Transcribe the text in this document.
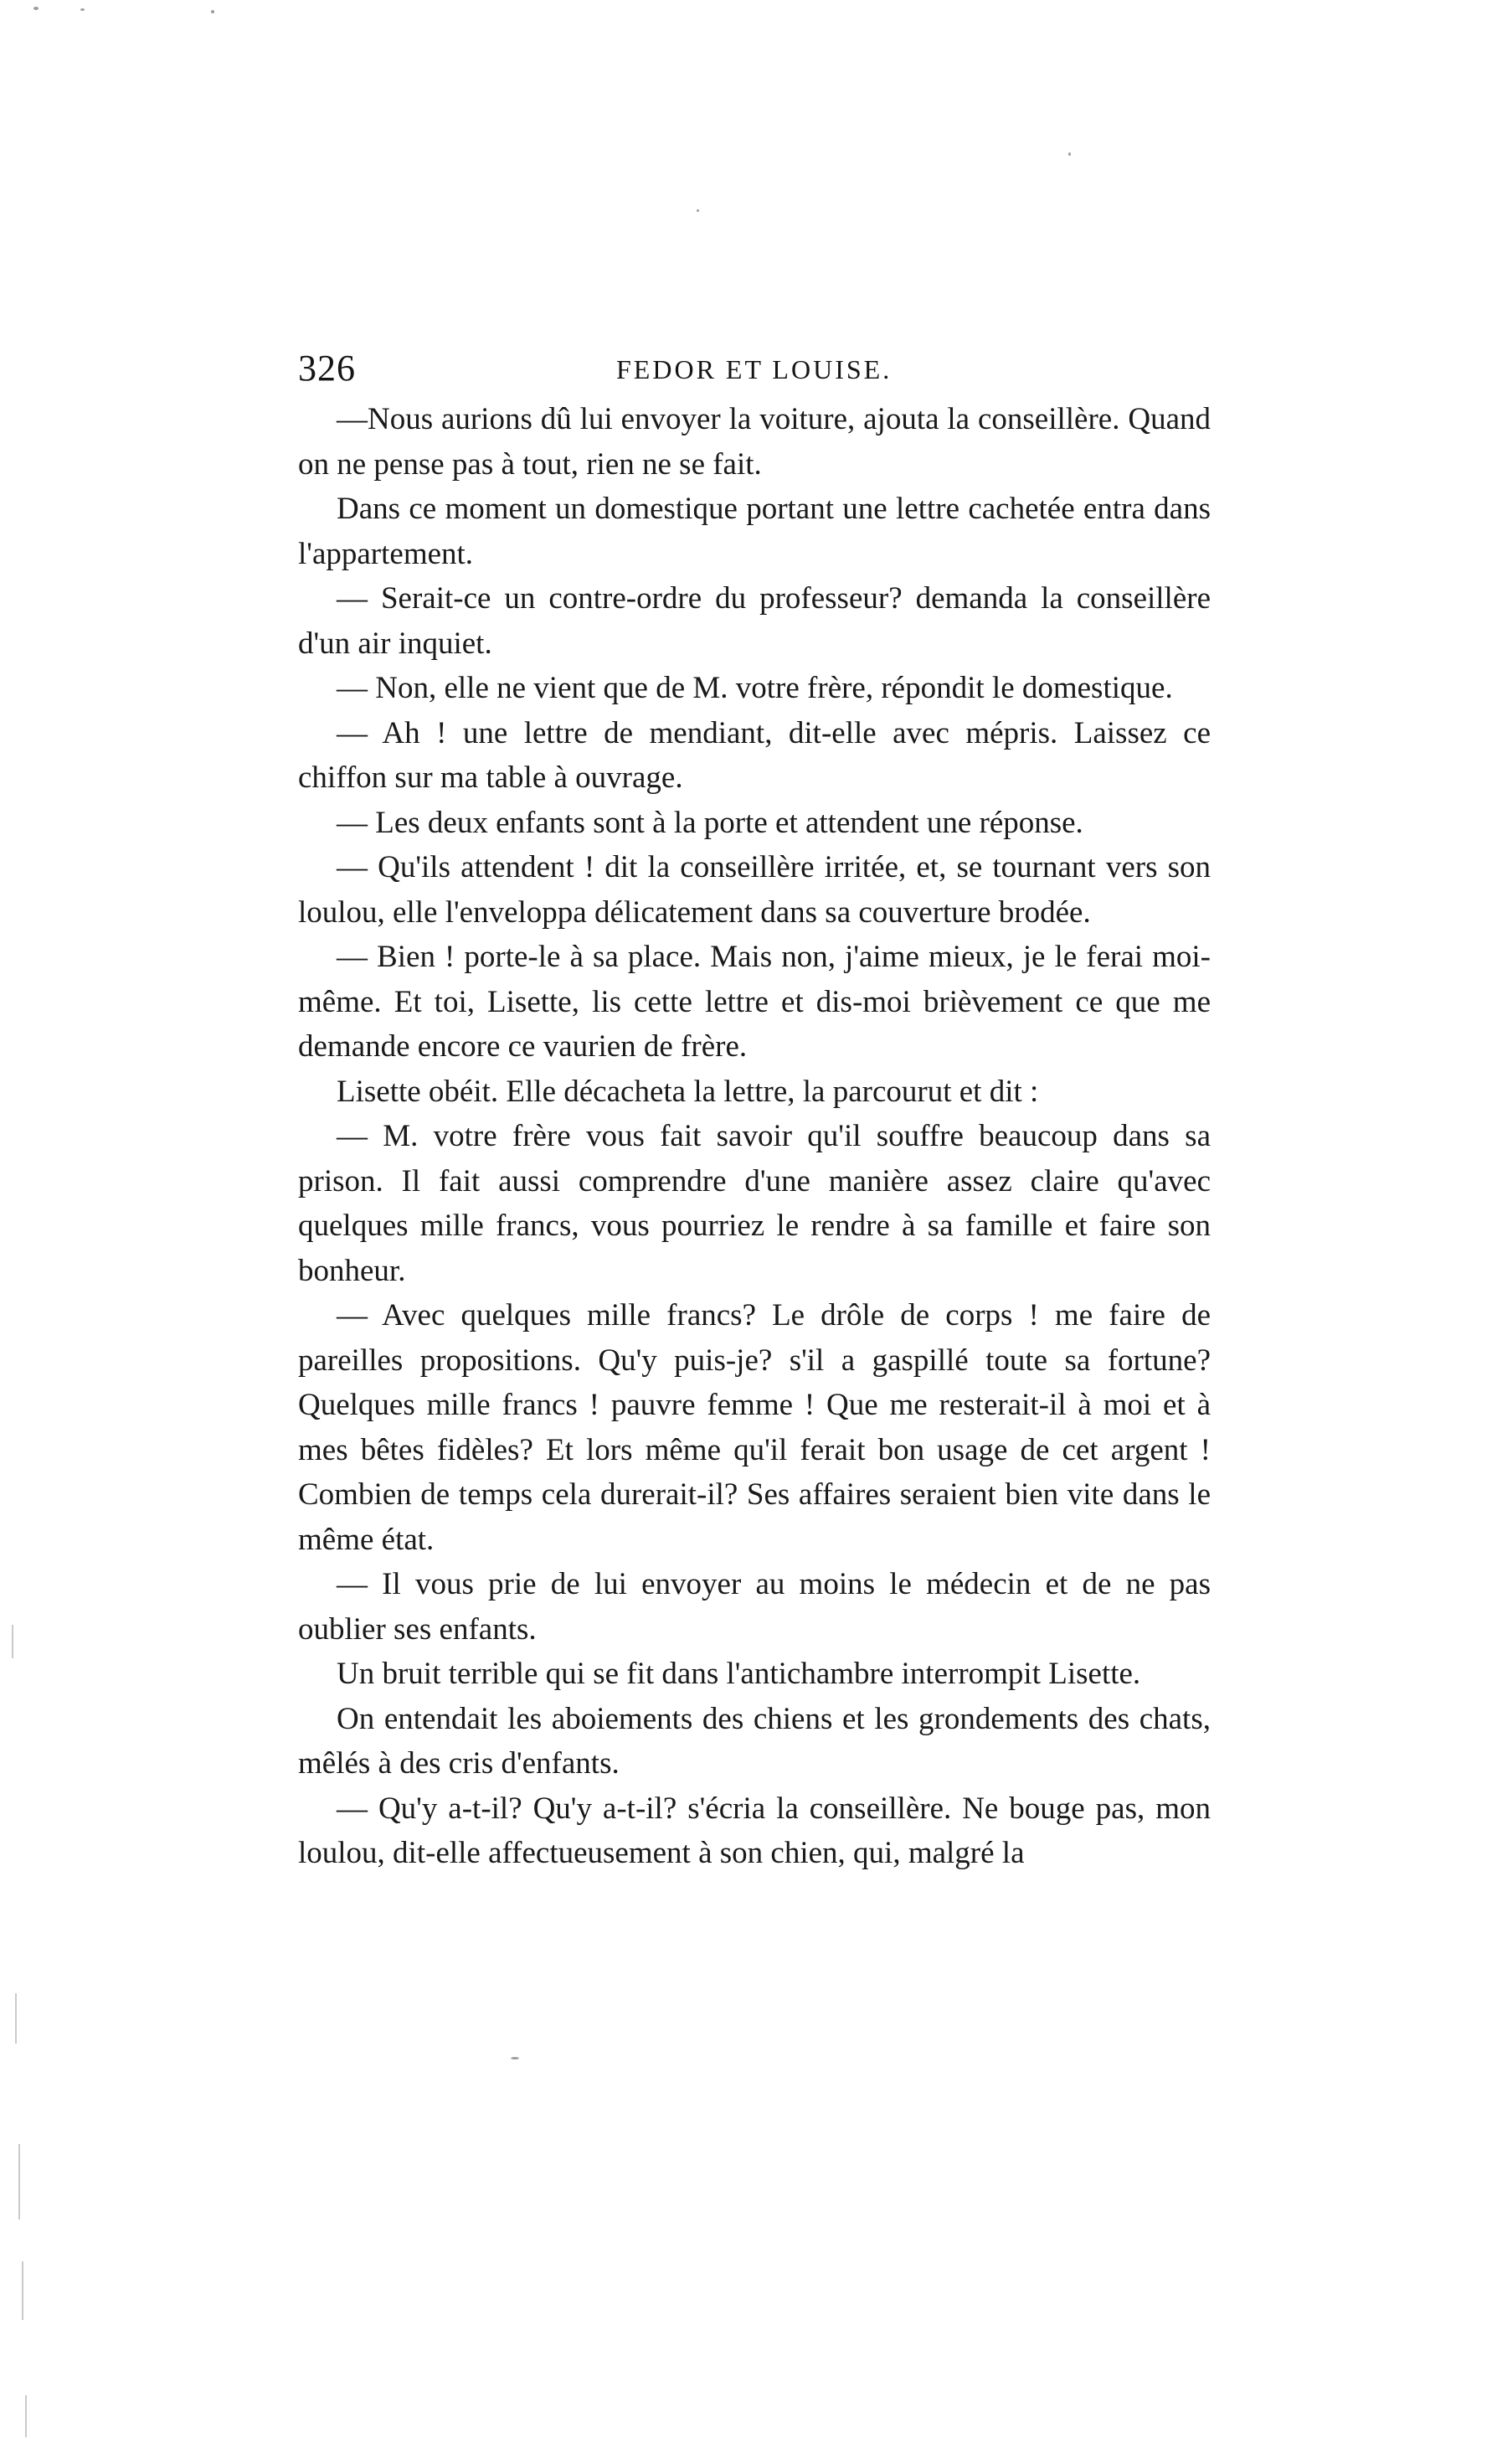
326	FEDOR ET LOUISE.

—Nous aurions dû lui envoyer la voiture, ajouta la conseillère. Quand on ne pense pas à tout, rien ne se fait.

Dans ce moment un domestique portant une lettre cachetée entra dans l'appartement.

— Serait-ce un contre-ordre du professeur? demanda la conseillère d'un air inquiet.

— Non, elle ne vient que de M. votre frère, répondit le domestique.

— Ah ! une lettre de mendiant, dit-elle avec mépris. Laissez ce chiffon sur ma table à ouvrage.

— Les deux enfants sont à la porte et attendent une réponse.

— Qu'ils attendent ! dit la conseillère irritée, et, se tournant vers son loulou, elle l'enveloppa délicatement dans sa couverture brodée.

— Bien ! porte-le à sa place. Mais non, j'aime mieux, je le ferai moi-même. Et toi, Lisette, lis cette lettre et dis-moi brièvement ce que me demande encore ce vaurien de frère.

Lisette obéit. Elle décacheta la lettre, la parcourut et dit :

— M. votre frère vous fait savoir qu'il souffre beaucoup dans sa prison. Il fait aussi comprendre d'une manière assez claire qu'avec quelques mille francs, vous pourriez le rendre à sa famille et faire son bonheur.

— Avec quelques mille francs? Le drôle de corps ! me faire de pareilles propositions. Qu'y puis-je? s'il a gaspillé toute sa fortune? Quelques mille francs ! pauvre femme ! Que me resterait-il à moi et à mes bêtes fidèles? Et lors même qu'il ferait bon usage de cet argent ! Combien de temps cela durerait-il? Ses affaires seraient bien vite dans le même état.

— Il vous prie de lui envoyer au moins le médecin et de ne pas oublier ses enfants.

Un bruit terrible qui se fit dans l'antichambre interrompit Lisette.

On entendait les aboiements des chiens et les grondements des chats, mêlés à des cris d'enfants.

— Qu'y a-t-il? Qu'y a-t-il? s'écria la conseillère. Ne bouge pas, mon loulou, dit-elle affectueusement à son chien, qui, malgré la
